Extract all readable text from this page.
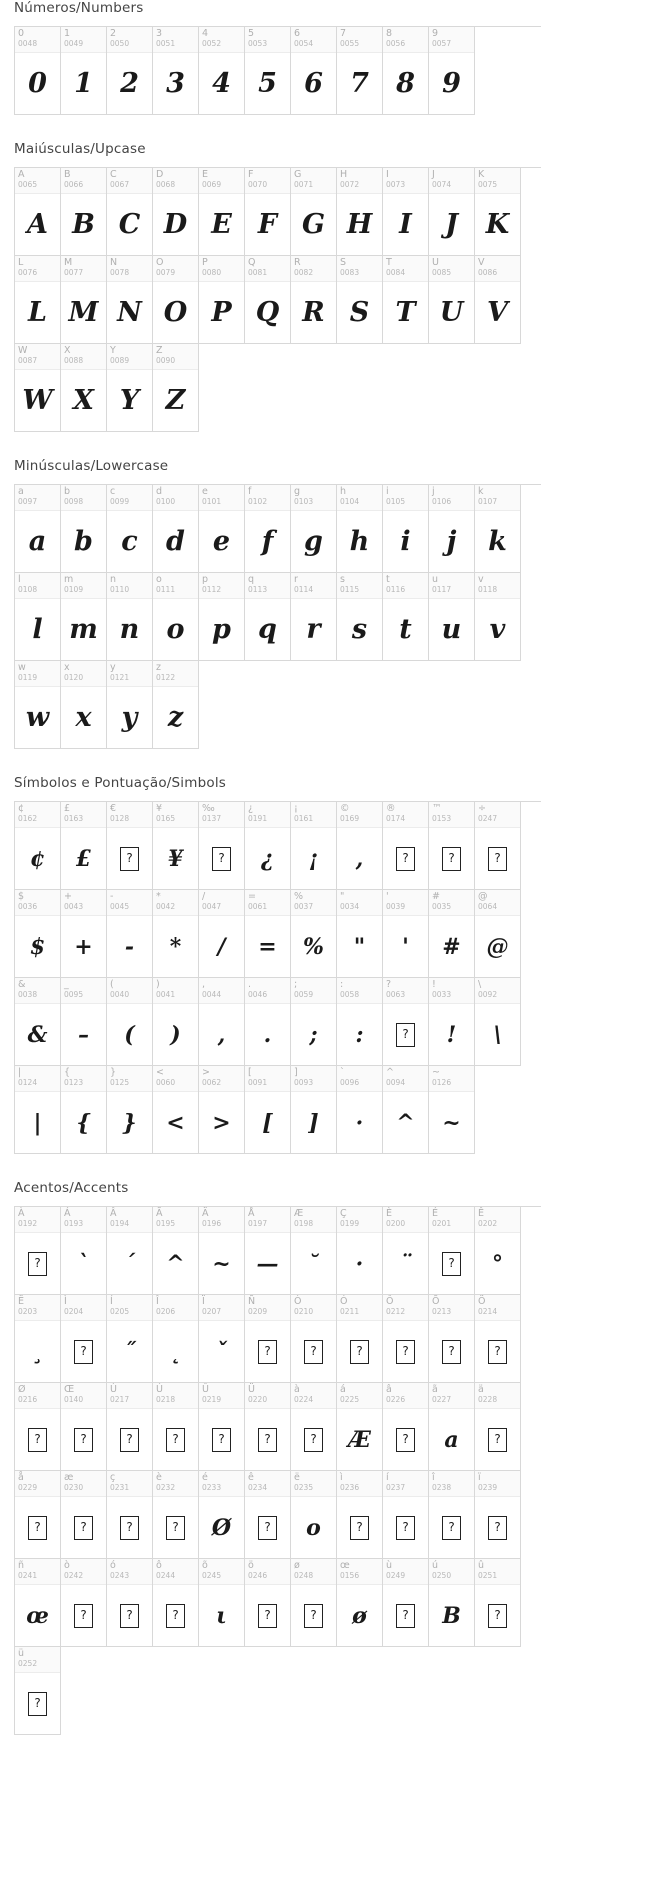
Números/Numbers
0
0048
0
1
0049
1
2
0050
2
3
0051
3
4
0052
4
5
0053
5
6
0054
6
7
0055
7
8
0056
8
9
0057
9
Maiúsculas/Upcase
A
0065
A
B
0066
B
C
0067
C
D
0068
D
E
0069
E
F
0070
F
G
0071
G
H
0072
H
I
0073
I
J
0074
J
K
0075
K
L
0076
L
M
0077
M
N
0078
N
O
0079
O
P
0080
P
Q
0081
Q
R
0082
R
S
0083
S
T
0084
T
U
0085
U
V
0086
V
W
0087
W
X
0088
X
Y
0089
Y
Z
0090
Z
Minúsculas/Lowercase
a
0097
a
b
0098
b
c
0099
c
d
0100
d
e
0101
e
f
0102
f
g
0103
g
h
0104
h
i
0105
i
j
0106
j
k
0107
k
l
0108
l
m
0109
m
n
0110
n
o
0111
o
p
0112
p
q
0113
q
r
0114
r
s
0115
s
t
0116
t
u
0117
u
v
0118
v
w
0119
w
x
0120
x
y
0121
y
z
0122
z
Símbolos e Pontuação/Simbols
¢
0162
¢
£
0163
£
€
0128
?
¥
0165
¥
‰
0137
?
¿
0191
¿
¡
0161
¡
©
0169
,
®
0174
?
™
0153
?
÷
0247
?
$
0036
$
+
0043
+
-
0045
-
*
0042
*
/
0047
/
=
0061
=
%
0037
%
"
0034
"
'
0039
'
#
0035
#
@
0064
@
&
0038
&
_
0095
–
(
0040
(
)
0041
)
,
0044
,
.
0046
.
;
0059
;
:
0058
:
?
0063
?
!
0033
!
\
0092
\
|
0124
|
{
0123
{
}
0125
}
<
0060
<
>
0062
>
[
0091
[
]
0093
]
`
0096
·
^
0094
^
~
0126
~
Acentos/Accents
À
0192
?
Á
0193
`
Â
0194
´
Ã
0195
^
Ä
0196
~
Å
0197
—
Æ
0198
˘
Ç
0199
·
È
0200
¨
É
0201
?
Ê
0202
°
Ë
0203
¸
Ì
0204
?
Í
0205
˝
Î
0206
˛
Ï
0207
ˇ
Ñ
0209
?
Ò
0210
?
Ó
0211
?
Ô
0212
?
Õ
0213
?
Ö
0214
?
Ø
0216
?
Œ
0140
?
Ù
0217
?
Ú
0218
?
Û
0219
?
Ü
0220
?
à
0224
?
á
0225
Æ
â
0226
?
ã
0227
a
ä
0228
?
å
0229
?
æ
0230
?
ç
0231
?
è
0232
?
é
0233
Ø
ê
0234
?
ë
0235
o
ì
0236
?
í
0237
?
î
0238
?
ï
0239
?
ñ
0241
œ
ò
0242
?
ó
0243
?
ô
0244
?
õ
0245
ι
ö
0246
?
ø
0248
?
œ
0156
ø
ù
0249
?
ú
0250
B
û
0251
?
ü
0252
?
